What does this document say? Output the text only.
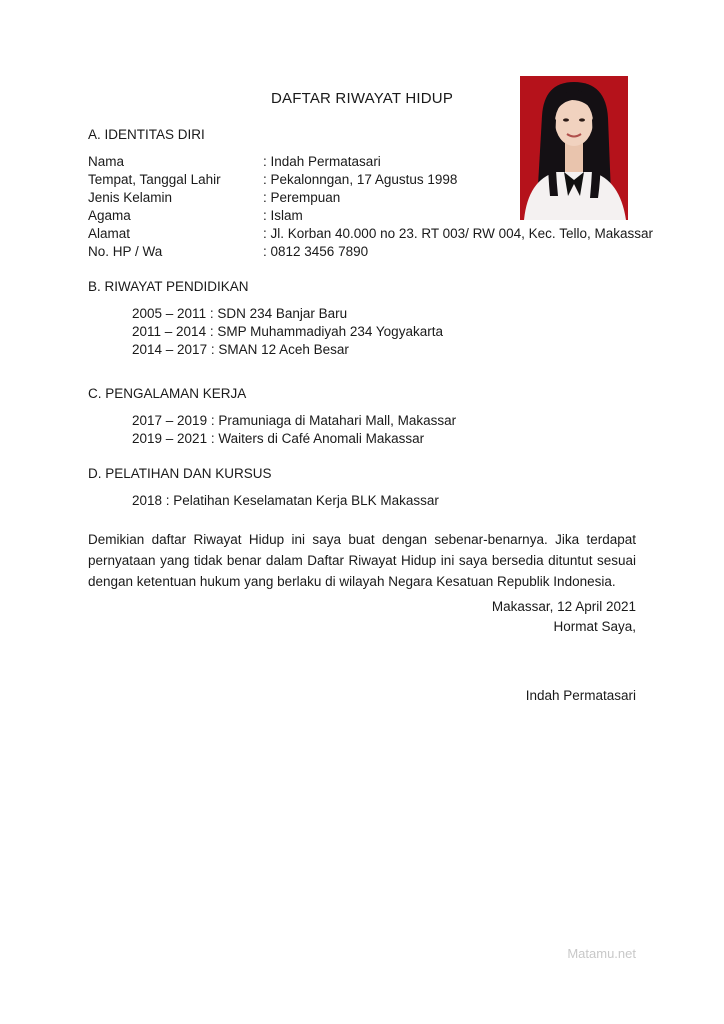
DAFTAR RIWAYAT HIDUP
A. IDENTITAS DIRI
Nama	: Indah Permatasari
Tempat, Tanggal Lahir	: Pekalonngan, 17 Agustus 1998
Jenis Kelamin	: Perempuan
Agama	: Islam
Alamat	: Jl. Korban 40.000 no 23. RT 003/ RW 004, Kec. Tello, Makassar
No. HP / Wa	: 0812 3456 7890
B. RIWAYAT PENDIDIKAN
2005 – 2011 : SDN 234 Banjar Baru
2011 – 2014 : SMP Muhammadiyah 234 Yogyakarta
2014 – 2017 : SMAN 12 Aceh Besar
C. PENGALAMAN KERJA
2017 – 2019 : Pramuniaga di Matahari Mall, Makassar
2019 – 2021 : Waiters di Café Anomali Makassar
D. PELATIHAN DAN KURSUS
2018 : Pelatihan Keselamatan Kerja BLK Makassar
Demikian daftar Riwayat Hidup ini saya buat dengan sebenar-benarnya. Jika terdapat
pernyataan yang tidak benar dalam Daftar Riwayat Hidup ini saya bersedia dituntut sesuai
dengan ketentuan hukum yang berlaku di wilayah Negara Kesatuan Republik Indonesia.
Makassar, 12 April 2021
Hormat Saya,
Indah Permatasari
Matamu.net
